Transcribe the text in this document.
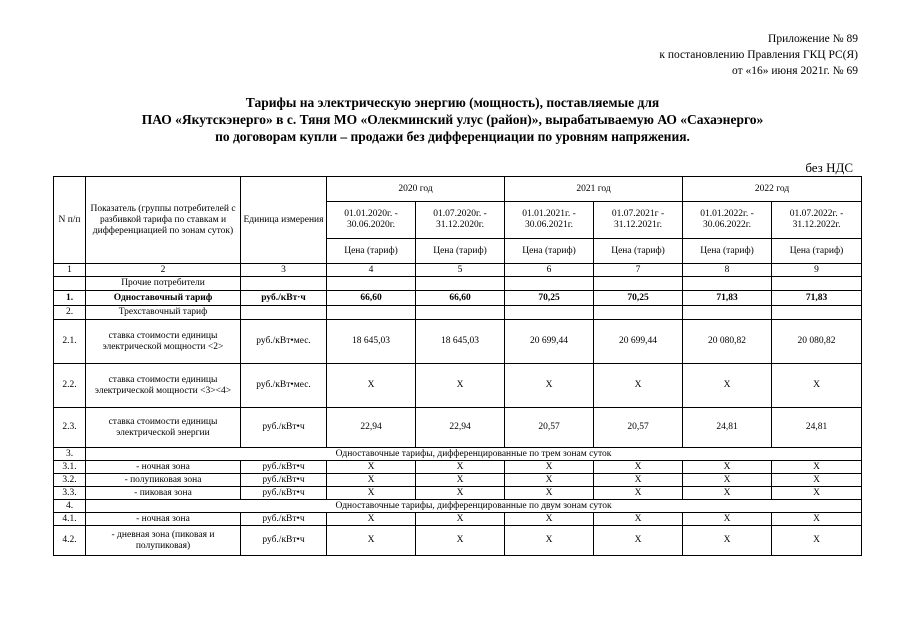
Приложение № 89
к постановлению Правления ГКЦ РС(Я)
от «16» июня 2021г. № 69
Тарифы на электрическую энергию (мощность), поставляемые для
ПАО «Якутскэнерго» в с. Тяня МО «Олекминский улус (район)», вырабатываемую АО «Сахаэнерго»
по договорам купли – продажи без дифференциации по уровням напряжения.
без НДС
N п/п	Показатель (группы потребителей с разбивкой тарифа по ставкам и дифференциацией по зонам суток)	Единица измерения	2020 год		2021 год		2022 год	
			01.01.2020г. - 30.06.2020г.	01.07.2020г. - 31.12.2020г.	01.01.2021г. - 30.06.2021г.	01.07.2021г - 31.12.2021г.	01.01.2022г. - 30.06.2022г.	01.07.2022г. - 31.12.2022г.
			Цена (тариф)	Цена (тариф)	Цена (тариф)	Цена (тариф)	Цена (тариф)	Цена (тариф)
1	2	3	4	5	6	7	8	9
	Прочие потребители							
1.	Одноставочный тариф	руб./кВт·ч	66,60	66,60	70,25	70,25	71,83	71,83
2.	Трехставочный тариф							
2.1.	ставка стоимости единицы электрической мощности <2>	руб./кВт•мес.	18 645,03	18 645,03	20 699,44	20 699,44	20 080,82	20 080,82
2.2.	ставка стоимости единицы электрической мощности <3><4>	руб./кВт•мес.	X	X	X	X	X	X
2.3.	ставка стоимости единицы электрической энергии	руб./кВт•ч	22,94	22,94	20,57	20,57	24,81	24,81
3.	Одноставочные тарифы, дифференцированные по трем зонам суток							
3.1.	- ночная зона	руб./кВт•ч	X	X	X	X	X	X
3.2.	- полупиковая зона	руб./кВт•ч	X	X	X	X	X	X
3.3.	- пиковая зона	руб./кВт•ч	X	X	X	X	X	X
4.	Одноставочные тарифы, дифференцированные по двум зонам суток							
4.1.	- ночная зона	руб./кВт•ч	X	X	X	X	X	X
4.2.	- дневная зона (пиковая и полупиковая)	руб./кВт•ч	X	X	X	X	X	X
